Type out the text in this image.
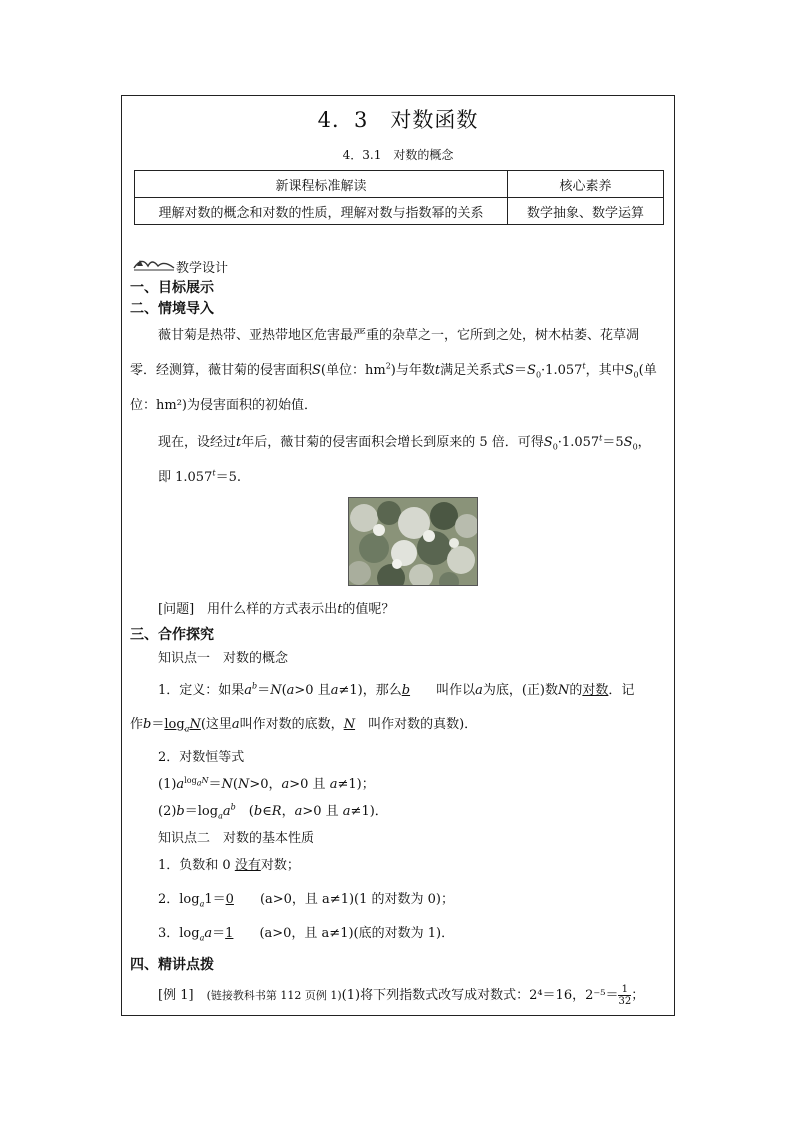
4．3　对数函数
4．3.1　对数的概念
新课程标准解读	核心素养
理解对数的概念和对数的性质，理解对数与指数幂的关系	数学抽象、数学运算
教学设计
一、目标展示
二、情境导入
薇甘菊是热带、亚热带地区危害最严重的杂草之一，它所到之处，树木枯萎、花草凋
零．经测算，薇甘菊的侵害面积S(单位：$hm^2$)与年数t满足关系式$S=S_0\cdot 1.057^t$，其中$S_0$(单
位：hm²)为侵害面积的初始值．
现在，设经过t年后，薇甘菊的侵害面积会增长到原来的 5 倍．可得$S_0\cdot 1.057^t=5S_0$，
即 $1.057^t=5$.
[问题]　 用什么样的方式表示出t的值呢？
三、合作探究
知识点一　对数的概念
1．定义：如果$a^b=N(a>0$ 且a≠1)，那么b　　 叫作以a为底，(正)数N的对数．记
作$b=\log_aN$(这里a叫作对数的底数，N　 叫作对数的真数)．
2．对数恒等式
$(1)a^{log_aN}=N(N>0$，a>0 且 a≠1)；
$(2)b=\log_aa^b$　(b∈R，a>0 且 a≠1)．
知识点二　对数的基本性质
1．负数和 0 没有对数；
2．$\log_a1=0$　　 (a>0，且 a≠1)(1 的对数为 0)；
3．$\log_aa=1$　　 (a>0，且 a≠1)(底的对数为 1)．
四、精讲点拨
[例 1]　 (链接教科书第 112 页例 1)(1)将下列指数式改写成对数式：2⁴＝16，$2^{-5}= \frac{1}{32}$ ；
